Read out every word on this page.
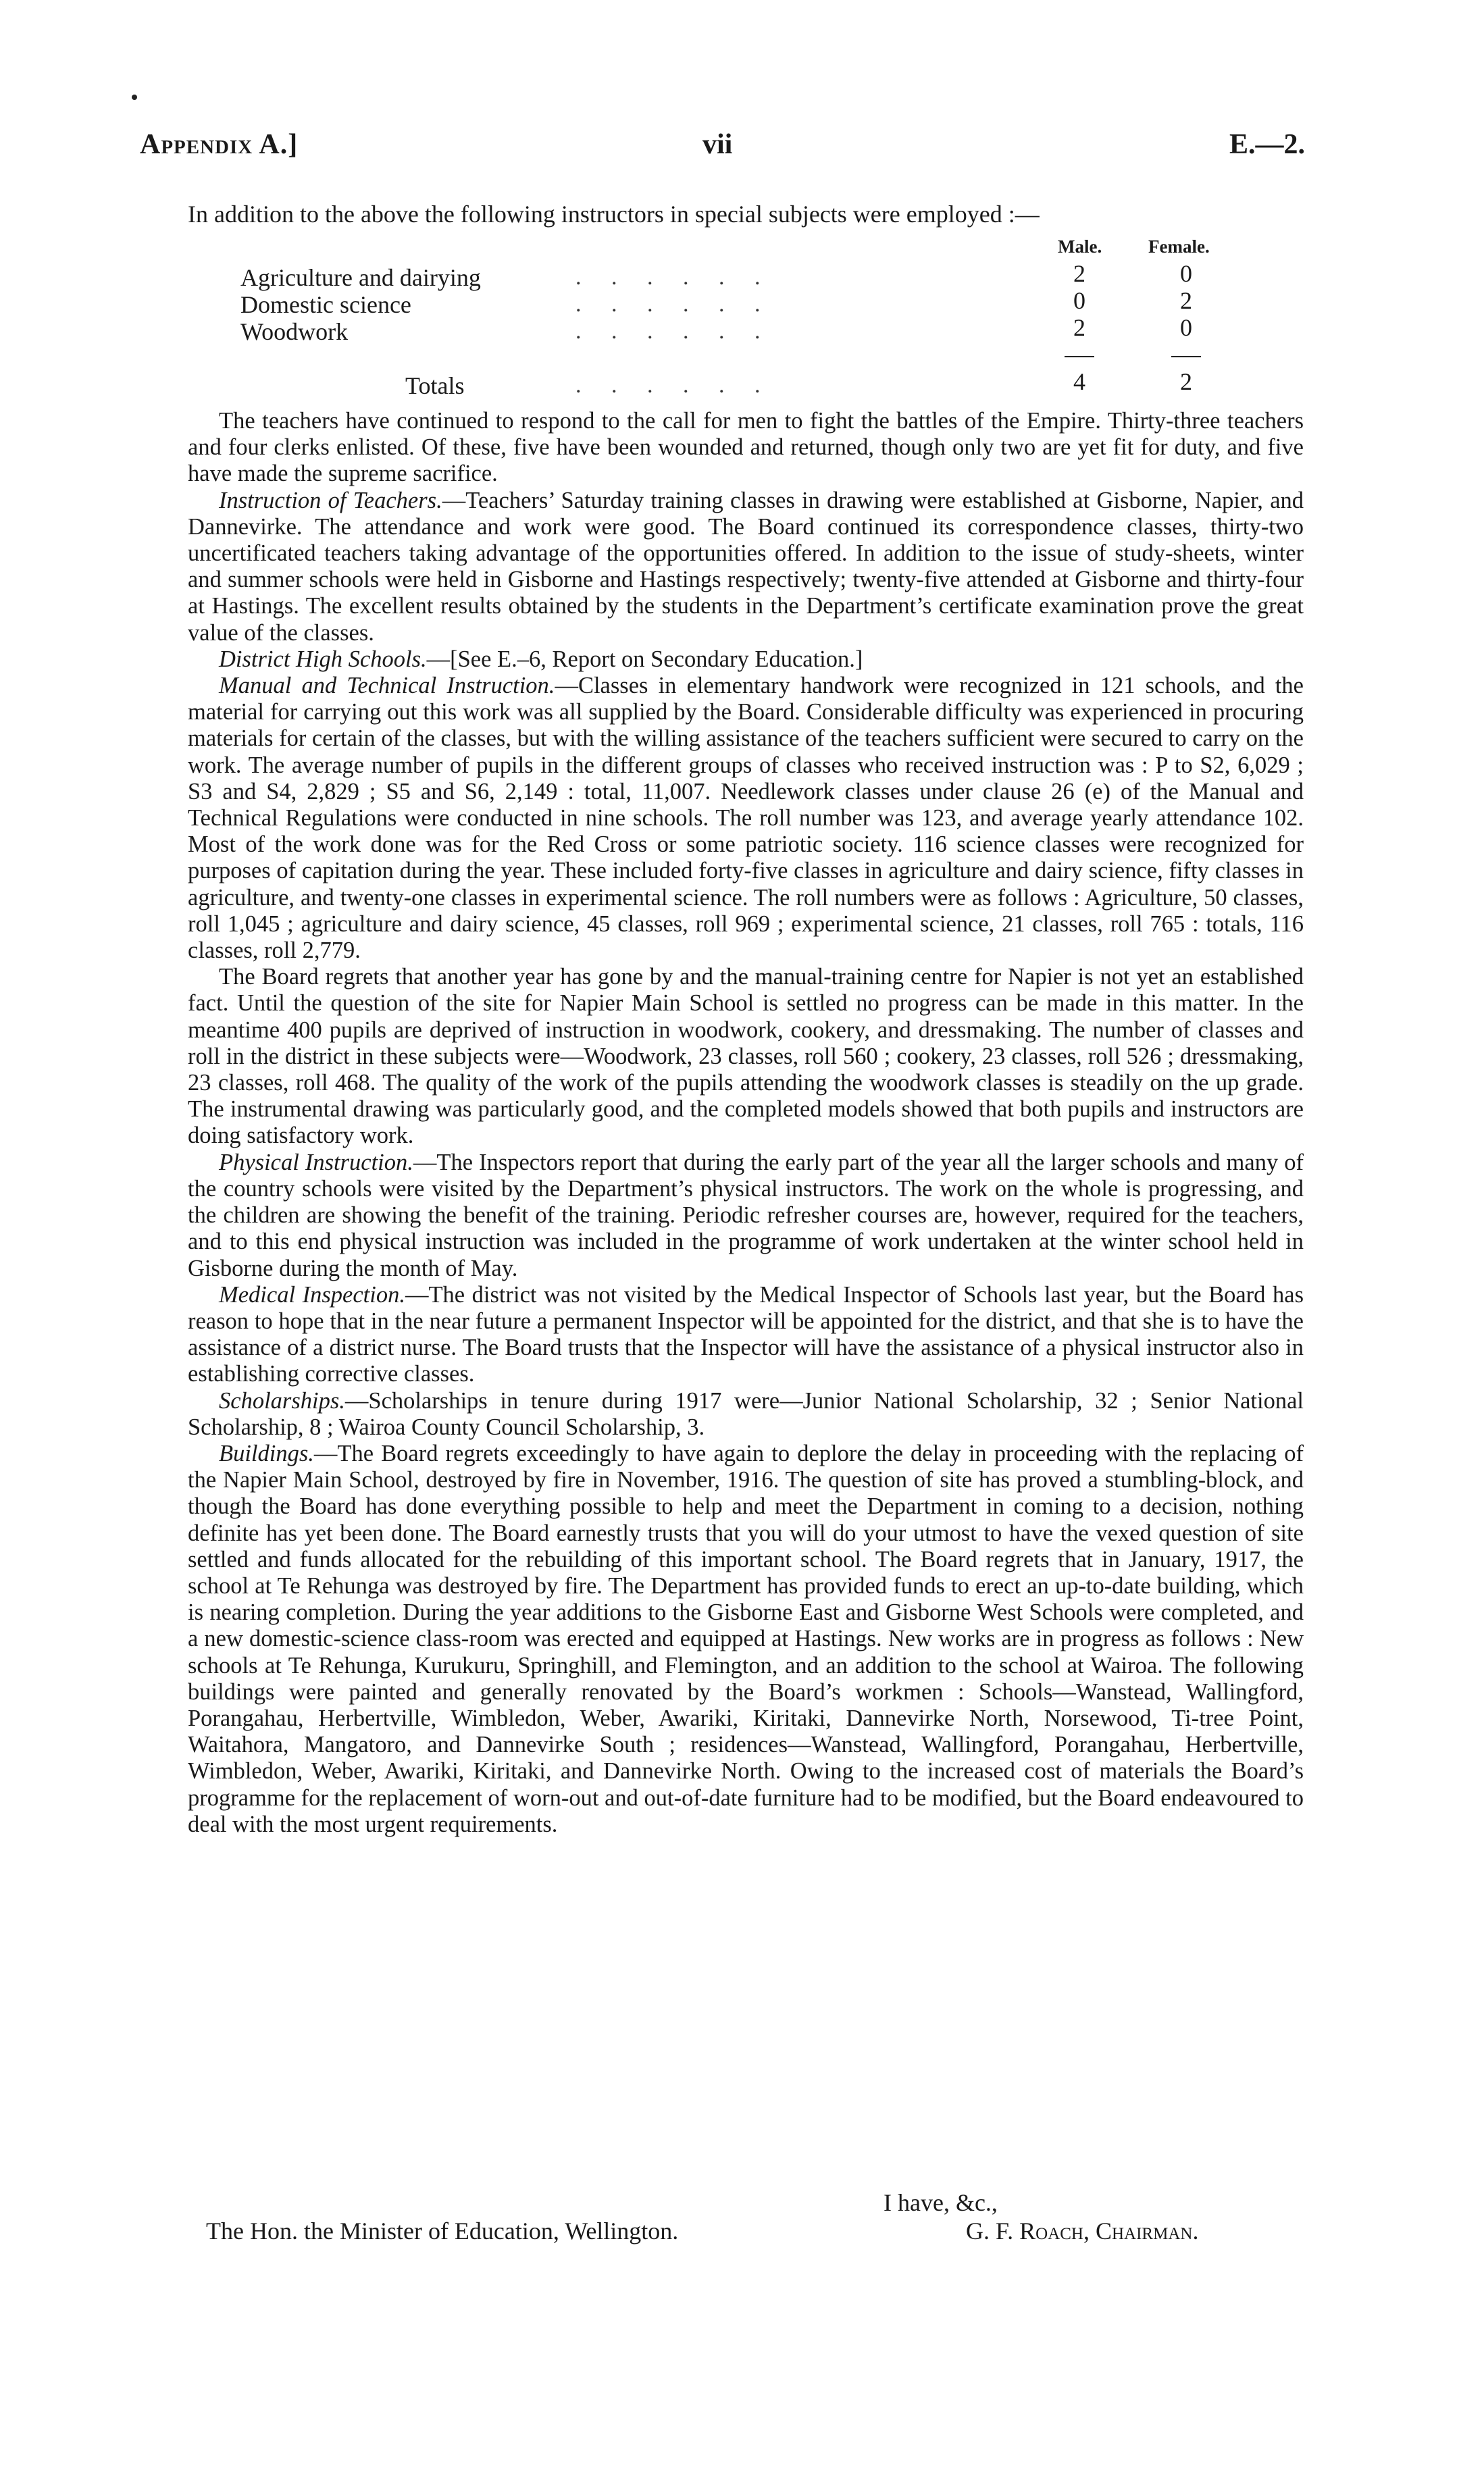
Appendix A.]	vii	E.—2.
In addition to the above the following instructors in special subjects were employed :—
Male.	Female.
Agriculture and dairying	. . . . . .	2	0
Domestic science	. . . . . .	0	2
Woodwork	. . . . . .	2	0
Totals	. . . . . .	4	2

The teachers have continued to respond to the call for men to fight the battles of the Empire. Thirty-three teachers and four clerks enlisted. Of these, five have been wounded and returned, though only two are yet fit for duty, and five have made the supreme sacrifice.

Instruction of Teachers.—Teachers’ Saturday training classes in drawing were established at Gisborne, Napier, and Dannevirke. The attendance and work were good. The Board continued its correspondence classes, thirty-two uncertificated teachers taking advantage of the opportunities offered. In addition to the issue of study-sheets, winter and summer schools were held in Gisborne and Hastings respectively; twenty-five attended at Gisborne and thirty-four at Hastings. The excellent results obtained by the students in the Department’s certificate examination prove the great value of the classes.

District High Schools.—[See E.–6, Report on Secondary Education.]

Manual and Technical Instruction.—Classes in elementary handwork were recognized in 121 schools, and the material for carrying out this work was all supplied by the Board. Considerable difficulty was experienced in procuring materials for certain of the classes, but with the willing assistance of the teachers sufficient were secured to carry on the work. The average number of pupils in the different groups of classes who received instruction was : P to S2, 6,029 ; S3 and S4, 2,829 ; S5 and S6, 2,149 : total, 11,007. Needlework classes under clause 26 (e) of the Manual and Technical Regulations were conducted in nine schools. The roll number was 123, and average yearly attendance 102. Most of the work done was for the Red Cross or some patriotic society. 116 science classes were recognized for purposes of capitation during the year. These included forty-five classes in agriculture and dairy science, fifty classes in agriculture, and twenty-one classes in experimental science. The roll numbers were as follows : Agriculture, 50 classes, roll 1,045 ; agriculture and dairy science, 45 classes, roll 969 ; experimental science, 21 classes, roll 765 : totals, 116 classes, roll 2,779.

The Board regrets that another year has gone by and the manual-training centre for Napier is not yet an established fact. Until the question of the site for Napier Main School is settled no progress can be made in this matter. In the meantime 400 pupils are deprived of instruction in woodwork, cookery, and dressmaking. The number of classes and roll in the district in these subjects were—Woodwork, 23 classes, roll 560 ; cookery, 23 classes, roll 526 ; dressmaking, 23 classes, roll 468. The quality of the work of the pupils attending the woodwork classes is steadily on the up grade. The instrumental drawing was particularly good, and the completed models showed that both pupils and instructors are doing satisfactory work.

Physical Instruction.—The Inspectors report that during the early part of the year all the larger schools and many of the country schools were visited by the Department’s physical instructors. The work on the whole is progressing, and the children are showing the benefit of the training. Periodic refresher courses are, however, required for the teachers, and to this end physical instruction was included in the programme of work undertaken at the winter school held in Gisborne during the month of May.

Medical Inspection.—The district was not visited by the Medical Inspector of Schools last year, but the Board has reason to hope that in the near future a permanent Inspector will be appointed for the district, and that she is to have the assistance of a district nurse. The Board trusts that the Inspector will have the assistance of a physical instructor also in establishing corrective classes.

Scholarships.—Scholarships in tenure during 1917 were—Junior National Scholarship, 32 ; Senior National Scholarship, 8 ; Wairoa County Council Scholarship, 3.

Buildings.—The Board regrets exceedingly to have again to deplore the delay in proceeding with the replacing of the Napier Main School, destroyed by fire in November, 1916. The question of site has proved a stumbling-block, and though the Board has done everything possible to help and meet the Department in coming to a decision, nothing definite has yet been done. The Board earnestly trusts that you will do your utmost to have the vexed question of site settled and funds allocated for the rebuilding of this important school. The Board regrets that in January, 1917, the school at Te Rehunga was destroyed by fire. The Department has provided funds to erect an up-to-date building, which is nearing completion. During the year additions to the Gisborne East and Gisborne West Schools were completed, and a new domestic-science class-room was erected and equipped at Hastings. New works are in progress as follows : New schools at Te Rehunga, Kurukuru, Springhill, and Flemington, and an addition to the school at Wairoa. The following buildings were painted and generally renovated by the Board’s workmen : Schools—Wanstead, Wallingford, Porangahau, Herbertville, Wimbledon, Weber, Awariki, Kiritaki, Dannevirke North, Norsewood, Ti-tree Point, Waitahora, Mangatoro, and Dannevirke South ; residences—Wanstead, Wallingford, Porangahau, Herbertville, Wimbledon, Weber, Awariki, Kiritaki, and Dannevirke North. Owing to the increased cost of materials the Board’s programme for the replacement of worn-out and out-of-date furniture had to be modified, but the Board endeavoured to deal with the most urgent requirements.

I have, &c.,
The Hon. the Minister of Education, Wellington.	G. F. Roach, Chairman.
